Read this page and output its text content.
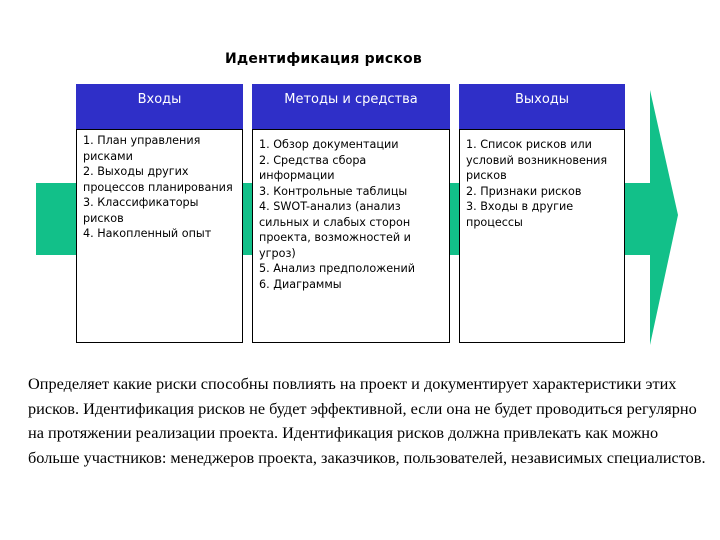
Идентификация рисков
Входы
1. План управления рисками
2. Выходы других процессов планирования
3. Классификаторы рисков
4. Накопленный опыт
Методы и средства
1. Обзор документации
2. Средства сбора информации
3. Контрольные таблицы
4. SWOT-анализ (анализ сильных и слабых сторон проекта, возможностей и угроз)
5. Анализ предположений
6. Диаграммы
Выходы
1. Список рисков или условий возникновения рисков
2. Признаки рисков
3. Входы в другие процессы
Определяет какие риски способны повлиять на проект и документирует характеристики этих рисков. Идентификация рисков не будет эффективной, если она не будет проводиться регулярно на протяжении реализации проекта. Идентификация рисков должна привлекать как можно больше участников: менеджеров проекта, заказчиков, пользователей, независимых специалистов.
